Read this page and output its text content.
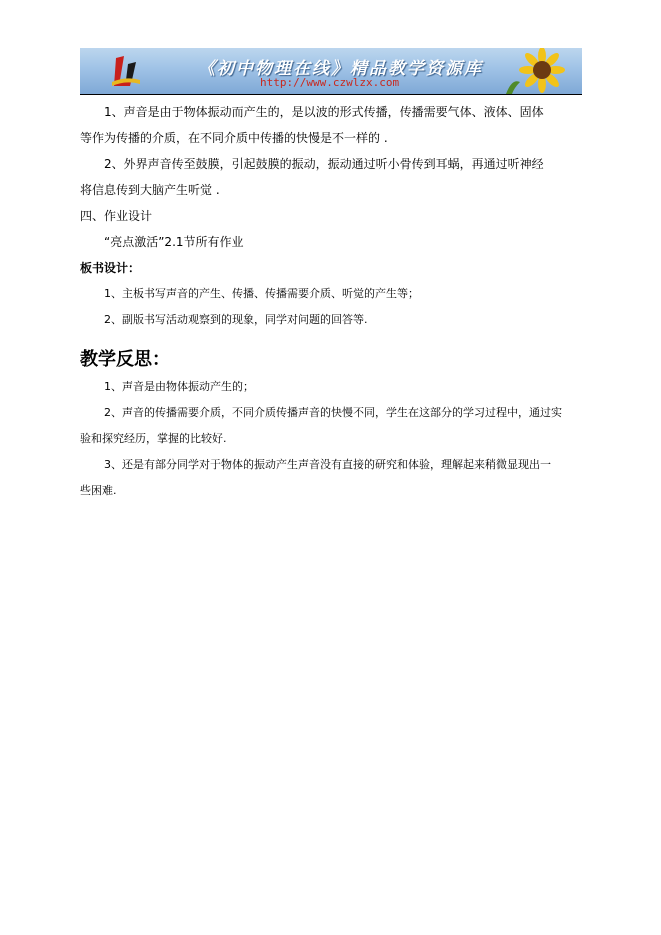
《初中物理在线》精品教学资源库
http://www.czwlzx.com
1、声音是由于物体振动而产生的，是以波的形式传播，传播需要气体、液体、固体
等作为传播的介质，在不同介质中传播的快慢是不一样的 .
2、外界声音传至鼓膜，引起鼓膜的振动，振动通过听小骨传到耳蜗，再通过听神经
将信息传到大脑产生听觉 .
四、作业设计
“亮点激活”2.1节所有作业
板书设计：
1、主板书写声音的产生、传播、传播需要介质、听觉的产生等；
2、副版书写活动观察到的现象，同学对问题的回答等.
教学反思：
1、声音是由物体振动产生的；
2、声音的传播需要介质，不同介质传播声音的快慢不同，学生在这部分的学习过程中，通过实
验和探究经历，掌握的比较好.
3、还是有部分同学对于物体的振动产生声音没有直接的研究和体验，理解起来稍微显现出一
些困难.
